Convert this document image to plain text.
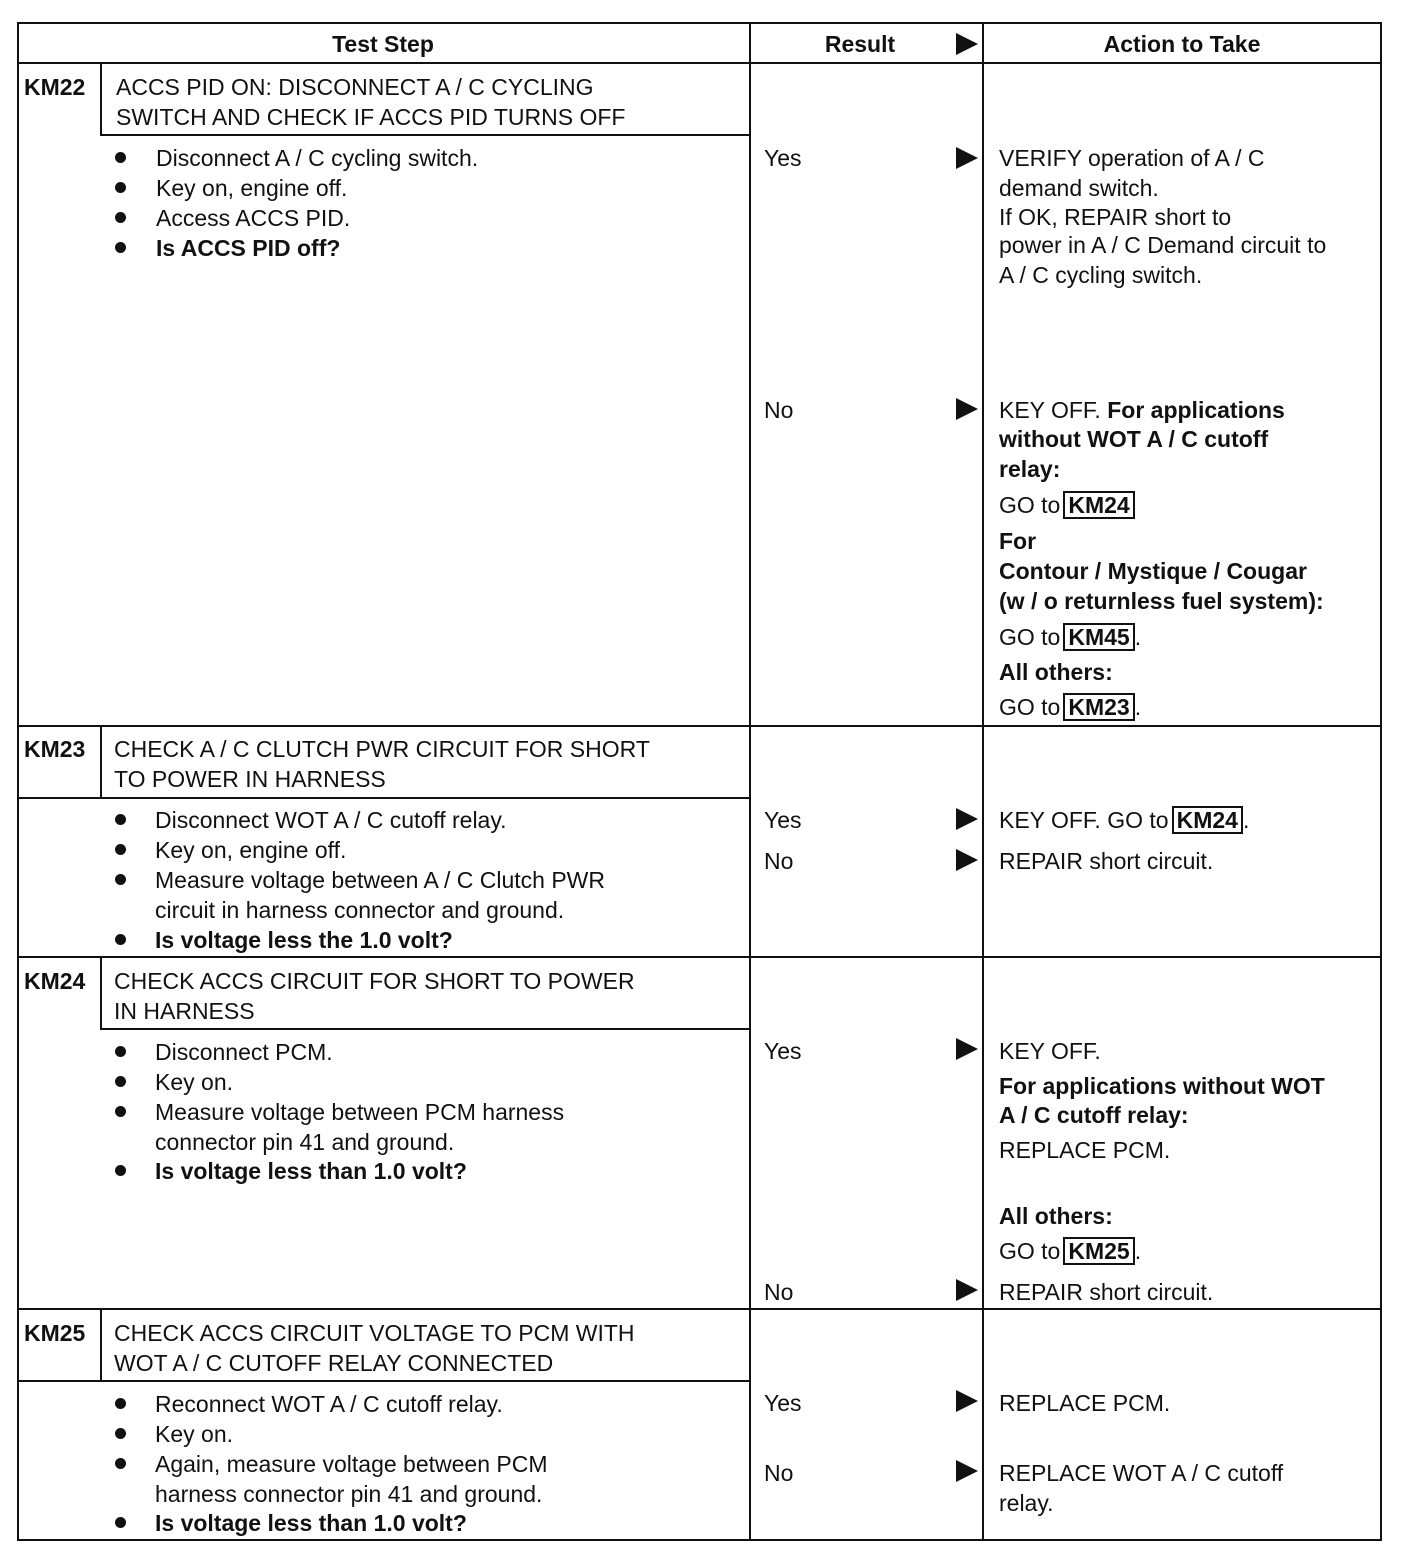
Test Step	Result	Action to Take
KM22 ACCS PID ON: DISCONNECT A / C CYCLING
SWITCH AND CHECK IF ACCS PID TURNS OFF
Disconnect A / C cycling switch.
Key on, engine off.
Access ACCS PID.
Is ACCS PID off?
Yes	VERIFY operation of A / C
demand switch.
If OK, REPAIR short to
power in A / C Demand circuit to
A / C cycling switch.
No	KEY OFF. For applications
without WOT A / C cutoff
relay:
GO to KM24
For
Contour / Mystique / Cougar
(w / o returnless fuel system):
GO to KM45 .
All others:
GO to KM23 .
KM23 CHECK A / C CLUTCH PWR CIRCUIT FOR SHORT
TO POWER IN HARNESS
Disconnect WOT A / C cutoff relay.
Key on, engine off.
Measure voltage between A / C Clutch PWR
circuit in harness connector and ground.
Is voltage less the 1.0 volt?
Yes	KEY OFF. GO to KM24 .
No	REPAIR short circuit.
KM24 CHECK ACCS CIRCUIT FOR SHORT TO POWER
IN HARNESS
Disconnect PCM.
Key on.
Measure voltage between PCM harness
connector pin 41 and ground.
Is voltage less than 1.0 volt?
Yes	KEY OFF.
For applications without WOT
A / C cutoff relay:
REPLACE PCM.
All others:
GO to KM25 .
No	REPAIR short circuit.
KM25 CHECK ACCS CIRCUIT VOLTAGE TO PCM WITH
WOT A / C CUTOFF RELAY CONNECTED
Reconnect WOT A / C cutoff relay.
Key on.
Again, measure voltage between PCM
harness connector pin 41 and ground.
Is voltage less than 1.0 volt?
Yes	REPLACE PCM.
No	REPLACE WOT A / C cutoff
relay.
